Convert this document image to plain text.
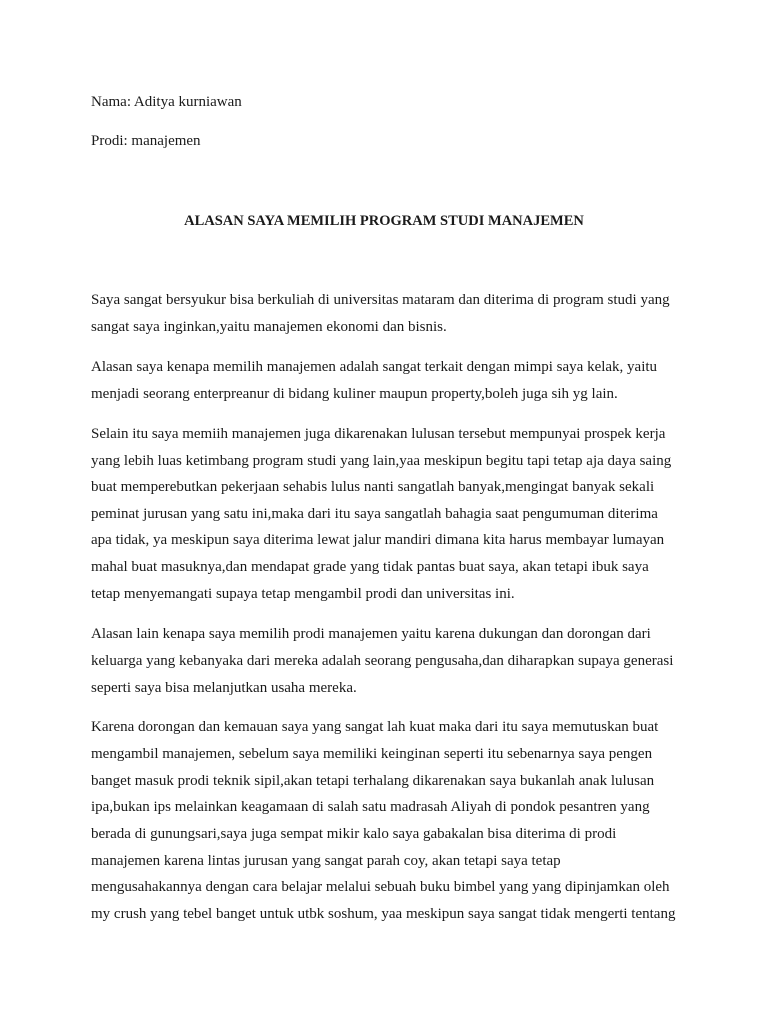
Nama: Aditya kurniawan
Prodi: manajemen
ALASAN SAYA MEMILIH PROGRAM STUDI MANAJEMEN
Saya sangat bersyukur bisa berkuliah di universitas mataram dan diterima di program studi yang
sangat saya inginkan,yaitu manajemen ekonomi dan bisnis.
Alasan saya kenapa memilih manajemen adalah sangat terkait dengan mimpi saya kelak, yaitu
menjadi seorang enterpreanur di bidang kuliner maupun property,boleh juga sih yg lain.
Selain itu saya memiih manajemen juga dikarenakan lulusan tersebut mempunyai prospek kerja
yang lebih luas ketimbang program studi yang lain,yaa meskipun begitu tapi tetap aja daya saing
buat memperebutkan pekerjaan sehabis lulus nanti sangatlah banyak,mengingat banyak sekali
peminat jurusan yang satu ini,maka dari itu saya sangatlah bahagia saat pengumuman diterima
apa tidak, ya meskipun saya diterima lewat jalur mandiri dimana kita harus membayar lumayan
mahal buat masuknya,dan mendapat grade yang tidak pantas buat saya, akan tetapi ibuk saya
tetap menyemangati supaya tetap mengambil prodi dan universitas ini.
Alasan lain kenapa saya memilih prodi manajemen yaitu karena dukungan dan dorongan dari
keluarga yang kebanyaka dari mereka adalah seorang pengusaha,dan diharapkan supaya generasi
seperti saya bisa melanjutkan usaha mereka.
Karena dorongan dan kemauan saya yang sangat lah kuat maka dari itu saya memutuskan buat
mengambil manajemen, sebelum saya memiliki keinginan seperti itu sebenarnya saya pengen
banget masuk prodi teknik sipil,akan tetapi terhalang dikarenakan saya bukanlah anak lulusan
ipa,bukan ips melainkan keagamaan di salah satu madrasah Aliyah di pondok pesantren yang
berada di gunungsari,saya juga sempat mikir kalo saya gabakalan bisa diterima di prodi
manajemen karena lintas jurusan yang sangat parah coy, akan tetapi saya tetap
mengusahakannya dengan cara belajar melalui sebuah buku bimbel yang yang dipinjamkan oleh
my crush yang tebel banget untuk utbk soshum, yaa meskipun saya sangat tidak mengerti tentang
